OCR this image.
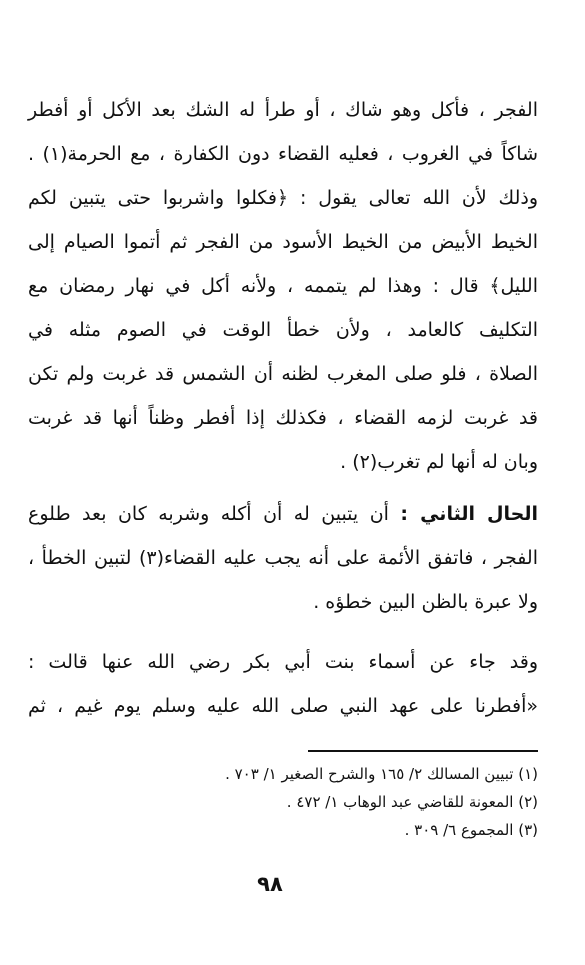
الفجر ، فأكل وهو شاك ، أو طرأ له الشك بعد الأكل أو أفطر
شاكاً في الغروب ، فعليه القضاء دون الكفارة ، مع الحرمة(١) .
وذلك لأن الله تعالى يقول : ﴿فكلوا واشربوا حتى يتبين لكم
الخيط الأبيض من الخيط الأسود من الفجر ثم أتموا الصيام إلى
الليل﴾ قال : وهذا لم يتممه ، ولأنه أكل في نهار رمضان مع
التكليف كالعامد ، ولأن خطأ الوقت في الصوم مثله في
الصلاة ، فلو صلى المغرب لظنه أن الشمس قد غربت ولم تكن
قد غربت لزمه القضاء ، فكذلك إذا أفطر وظناً أنها قد غربت
وبان له أنها لم تغرب(٢) .
الحال الثاني : أن يتبين له أن أكله وشربه كان بعد طلوع
الفجر ، فاتفق الأئمة على أنه يجب عليه القضاء(٣) لتبين الخطأ ،
ولا عبرة بالظن البين خطؤه .
وقد جاء عن أسماء بنت أبي بكر رضي الله عنها قالت :
«أفطرنا على عهد النبي صلى الله عليه وسلم يوم غيم ، ثم
(١) تبيين المسالك ٢/ ١٦٥ والشرح الصغير ١/ ٧٠٣ .
(٢) المعونة للقاضي عبد الوهاب ١/ ٤٧٢ .
(٣) المجموع ٦/ ٣٠٩ .
٩٨
